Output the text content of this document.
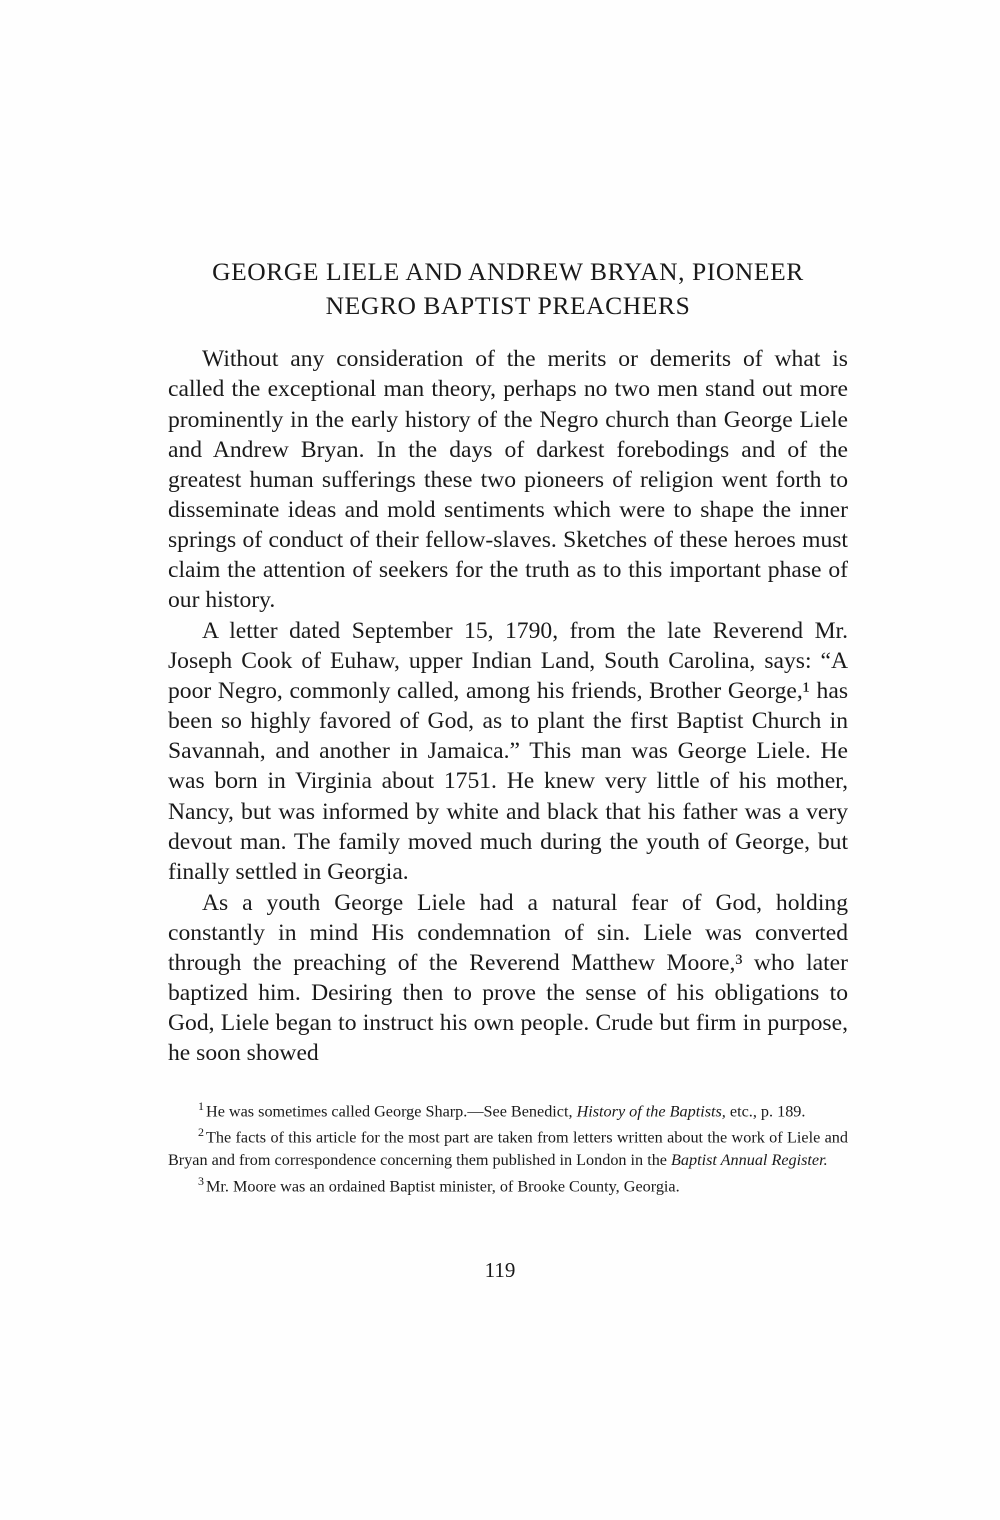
GEORGE LIELE AND ANDREW BRYAN, PIONEER
NEGRO BAPTIST PREACHERS

Without any consideration of the merits or demerits of what is called the exceptional man theory, perhaps no two men stand out more prominently in the early history of the Negro church than George Liele and Andrew Bryan. In the days of darkest forebodings and of the greatest human sufferings these two pioneers of religion went forth to disseminate ideas and mold sentiments which were to shape the inner springs of conduct of their fellow-slaves. Sketches of these heroes must claim the attention of seekers for the truth as to this important phase of our history.

A letter dated September 15, 1790, from the late Reverend Mr. Joseph Cook of Euhaw, upper Indian Land, South Carolina, says: “A poor Negro, commonly called, among his friends, Brother George,¹ has been so highly favored of God, as to plant the first Baptist Church in Savannah, and another in Jamaica.” This man was George Liele. He was born in Virginia about 1751. He knew very little of his mother, Nancy, but was informed by white and black that his father was a very devout man. The family moved much during the youth of George, but finally settled in Georgia.

As a youth George Liele had a natural fear of God, holding constantly in mind His condemnation of sin. Liele was converted through the preaching of the Reverend Matthew Moore,³ who later baptized him. Desiring then to prove the sense of his obligations to God, Liele began to instruct his own people. Crude but firm in purpose, he soon showed

$^1$ He was sometimes called George Sharp.—See Benedict, History of the Baptists, etc., p. 189.

$^2$ The facts of this article for the most part are taken from letters written about the work of Liele and Bryan and from correspondence concerning them published in London in the Baptist Annual Register.

$^3$ Mr. Moore was an ordained Baptist minister, of Brooke County, Georgia.

119
